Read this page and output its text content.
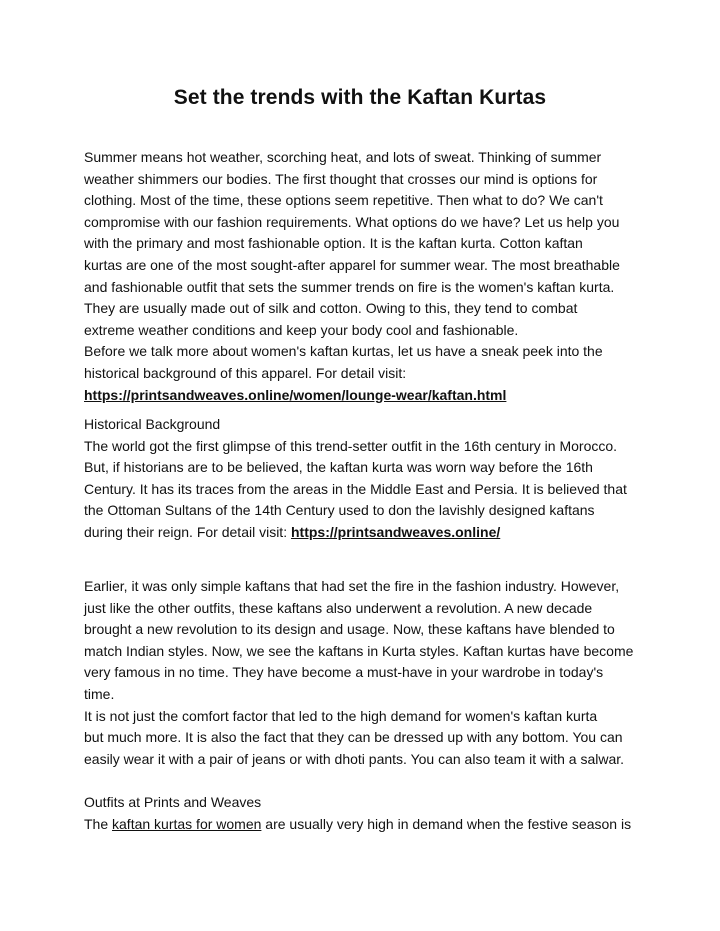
Set the trends with the Kaftan Kurtas
Summer means hot weather, scorching heat, and lots of sweat. Thinking of summer
weather shimmers our bodies. The first thought that crosses our mind is options for
clothing. Most of the time, these options seem repetitive. Then what to do? We can't
compromise with our fashion requirements. What options do we have? Let us help you
with the primary and most fashionable option. It is the kaftan kurta. Cotton kaftan
kurtas are one of the most sought-after apparel for summer wear. The most breathable
and fashionable outfit that sets the summer trends on fire is the women's kaftan kurta.
They are usually made out of silk and cotton. Owing to this, they tend to combat
extreme weather conditions and keep your body cool and fashionable.
Before we talk more about women's kaftan kurtas, let us have a sneak peek into the
historical background of this apparel. For detail visit:
https://printsandweaves.online/women/lounge-wear/kaftan.html
Historical Background
The world got the first glimpse of this trend-setter outfit in the 16th century in Morocco.
But, if historians are to be believed, the kaftan kurta was worn way before the 16th
Century. It has its traces from the areas in the Middle East and Persia. It is believed that
the Ottoman Sultans of the 14th Century used to don the lavishly designed kaftans
during their reign. For detail visit: https://printsandweaves.online/
Earlier, it was only simple kaftans that had set the fire in the fashion industry. However,
just like the other outfits, these kaftans also underwent a revolution. A new decade
brought a new revolution to its design and usage. Now, these kaftans have blended to
match Indian styles. Now, we see the kaftans in Kurta styles. Kaftan kurtas have become
very famous in no time. They have become a must-have in your wardrobe in today's
time.
It is not just the comfort factor that led to the high demand for women's kaftan kurta
but much more. It is also the fact that they can be dressed up with any bottom. You can
easily wear it with a pair of jeans or with dhoti pants. You can also team it with a salwar.
Outfits at Prints and Weaves
The kaftan kurtas for women are usually very high in demand when the festive season is
